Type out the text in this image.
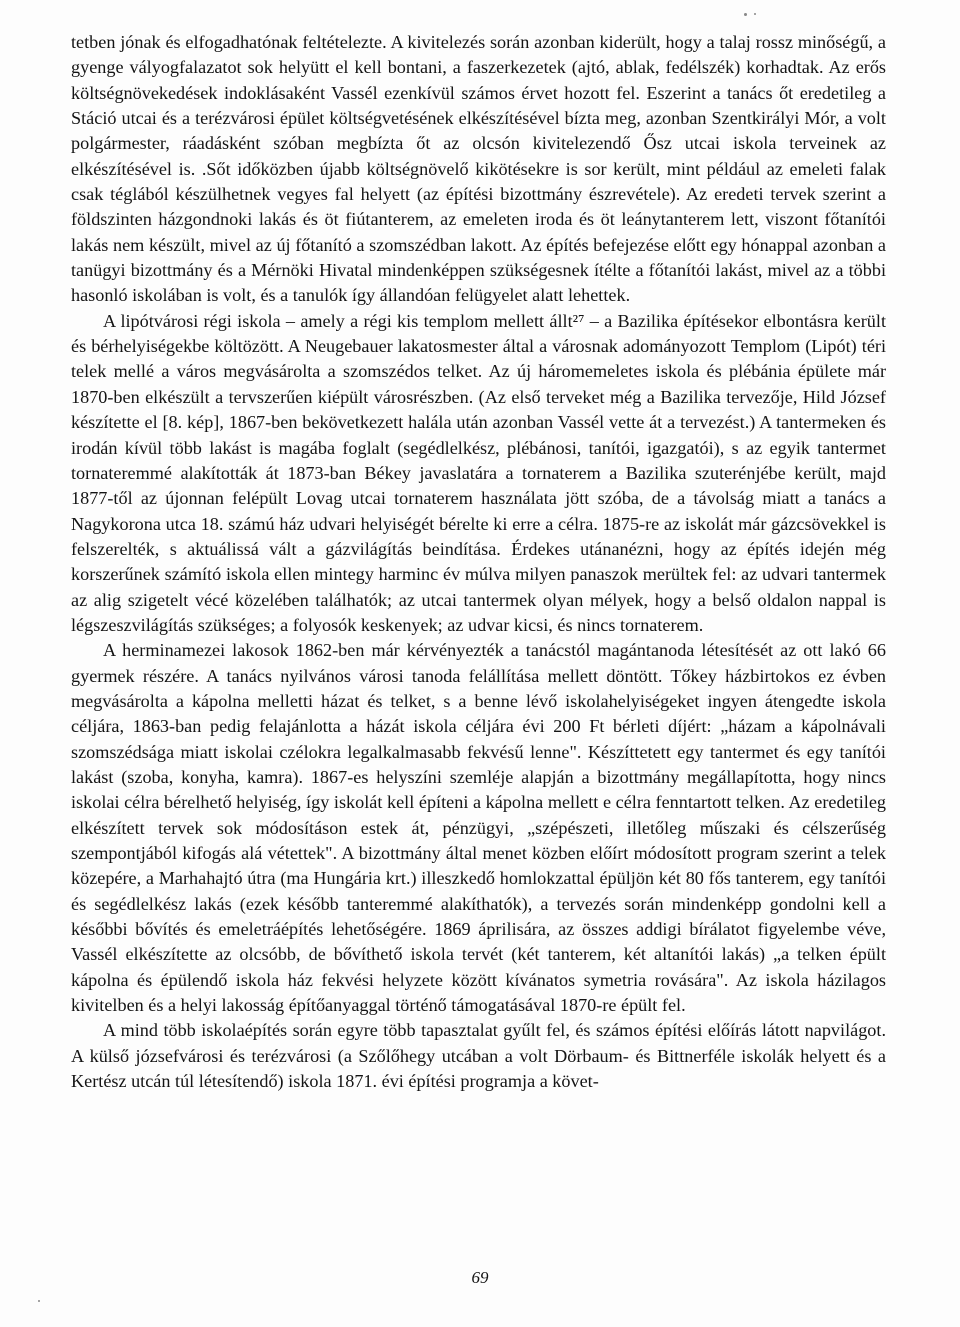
tetben jónak és elfogadhatónak feltételezte. A kivitelezés során azonban kiderült, hogy a talaj rossz minőségű, a gyenge vályogfalazatot sok helyütt el kell bontani, a faszerkezetek (ajtó, ablak, fedélszék) korhadtak. Az erős költségnövekedések indoklásaként Vassél ezenkívül számos érvet hozott fel. Eszerint a tanács őt eredetileg a Stáció utcai és a terézvárosi épület költségvetésének elkészítésével bízta meg, azonban Szentkirályi Mór, a volt polgármester, ráadásként szóban megbízta őt az olcsón kivitelezendő Ősz utcai iskola terveinek az elkészítésével is. .Sőt időközben újabb költségnövelő kikötésekre is sor került, mint például az emeleti falak csak téglából készülhetnek vegyes fal helyett (az építési bizottmány észrevétele). Az eredeti tervek szerint a földszinten házgondnoki lakás és öt fiútanterem, az emeleten iroda és öt leánytanterem lett, viszont főtanítói lakás nem készült, mivel az új főtanító a szomszédban lakott. Az építés befejezése előtt egy hónappal azonban a tanügyi bizottmány és a Mérnöki Hivatal mindenképpen szükségesnek ítélte a főtanítói lakást, mivel az a többi hasonló iskolában is volt, és a tanulók így állandóan felügyelet alatt lehettek.

A lipótvárosi régi iskola – amely a régi kis templom mellett állt²⁷ – a Bazilika építésekor elbontásra került és bérhelyiségekbe költözött. A Neugebauer lakatosmester által a városnak adományozott Templom (Lipót) téri telek mellé a város megvásárolta a szomszédos telket. Az új háromemeletes iskola és plébánia épülete már 1870-ben elkészült a tervszerűen kiépült városrészben. (Az első terveket még a Bazilika tervezője, Hild József készítette el [8. kép], 1867-ben bekövetkezett halála után azonban Vassél vette át a tervezést.) A tantermeken és irodán kívül több lakást is magába foglalt (segédlelkész, plébánosi, tanítói, igazgatói), s az egyik tantermet tornateremmé alakították át 1873-ban Békey javaslatára a tornaterem a Bazilika szuterénjébe került, majd 1877-től az újonnan felépült Lovag utcai tornaterem használata jött szóba, de a távolság miatt a tanács a Nagykorona utca 18. számú ház udvari helyiségét bérelte ki erre a célra. 1875-re az iskolát már gázcsövekkel is felszerelték, s aktuálissá vált a gázvilágítás beindítása. Érdekes utánanézni, hogy az építés idején még korszerűnek számító iskola ellen mintegy harminc év múlva milyen panaszok merültek fel: az udvari tantermek az alig szigetelt vécé közelében találhatók; az utcai tantermek olyan mélyek, hogy a belső oldalon nappal is légszeszvilágítás szükséges; a folyosók keskenyek; az udvar kicsi, és nincs tornaterem.

A herminamezei lakosok 1862-ben már kérvényezték a tanácstól magántanoda létesítését az ott lakó 66 gyermek részére. A tanács nyilvános városi tanoda felállítása mellett döntött. Tőkey házbirtokos ez évben megvásárolta a kápolna melletti házat és telket, s a benne lévő iskolahelyiségeket ingyen átengedte iskola céljára, 1863-ban pedig felajánlotta a házát iskola céljára évi 200 Ft bérleti díjért: „házam a kápolnávali szomszédsága miatt iskolai czélokra legalkalmasabb fekvésű lenne". Készíttetett egy tantermet és egy tanítói lakást (szoba, konyha, kamra). 1867-es helyszíni szemléje alapján a bizottmány megállapította, hogy nincs iskolai célra bérelhető helyiség, így iskolát kell építeni a kápolna mellett e célra fenntartott telken. Az eredetileg elkészített tervek sok módosításon estek át, pénzügyi, „szépészeti, illetőleg műszaki és célszerűség szempontjából kifogás alá vétettek". A bizottmány által menet közben előírt módosított program szerint a telek közepére, a Marhahajtó útra (ma Hungária krt.) illeszkedő homlokzattal épüljön két 80 fős tanterem, egy tanítói és segédlelkész lakás (ezek később tanteremmé alakíthatók), a tervezés során mindenképp gondolni kell a későbbi bővítés és emeletráépítés lehetőségére. 1869 áprilisára, az összes addigi bírálatot figyelembe véve, Vassél elkészítette az olcsóbb, de bővíthető iskola tervét (két tanterem, két altanítói lakás) „a telken épült kápolna és épülendő iskola ház fekvési helyzete között kívánatos symetria rovására". Az iskola házilagos kivitelben és a helyi lakosság építőanyaggal történő támogatásával 1870-re épült fel.

A mind több iskolaépítés során egyre több tapasztalat gyűlt fel, és számos építési előírás látott napvilágot. A külső józsefvárosi és terézvárosi (a Szőlőhegy utcában a volt Dörbaum- és Bittnerféle iskolák helyett és a Kertész utcán túl létesítendő) iskola 1871. évi építési programja a követ-

69
